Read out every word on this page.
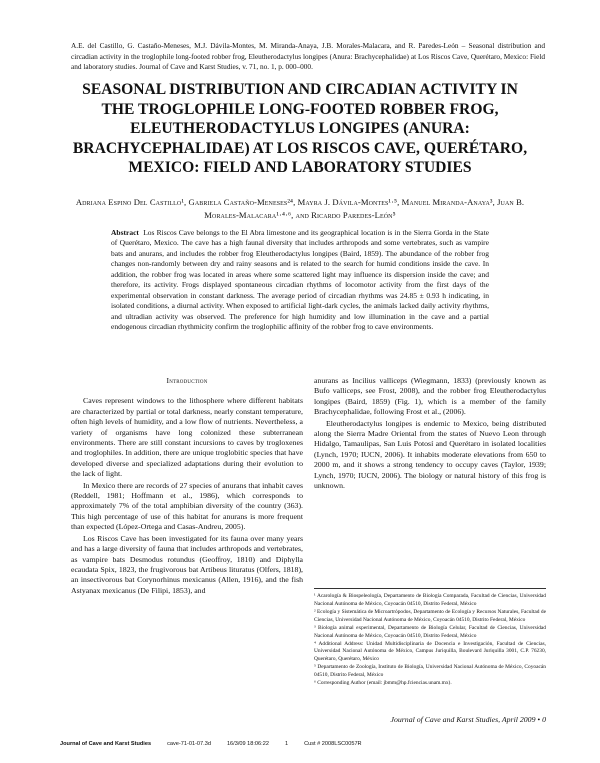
A.E. del Castillo, G. Castaño-Meneses, M.J. Dávila-Montes, M. Miranda-Anaya, J.B. Morales-Malacara, and R. Paredes-León – Seasonal distribution and circadian activity in the troglophile long-footed robber frog, Eleutherodactylus longipes (Anura: Brachycephalidae) at Los Riscos Cave, Querétaro, Mexico: Field and laboratory studies. Journal of Cave and Karst Studies, v. 71, no. 1, p. 000–000.
SEASONAL DISTRIBUTION AND CIRCADIAN ACTIVITY IN THE TROGLOPHILE LONG-FOOTED ROBBER FROG, ELEUTHERODACTYLUS LONGIPES (ANURA: BRACHYCEPHALIDAE) AT LOS RISCOS CAVE, QUERÉTARO, MEXICO: FIELD AND LABORATORY STUDIES
Adriana Espino Del Castillo¹, Gabriela Castaño-Meneses²⁴, Mayra J. Dávila-Montes¹·⁵, Manuel Miranda-Anaya³, Juan B. Morales-Malacara¹·⁴·⁶, and Ricardo Paredes-León⁵
Abstract Los Riscos Cave belongs to the El Abra limestone and its geographical location is in the Sierra Gorda in the State of Querétaro, Mexico. The cave has a high faunal diversity that includes arthropods and some vertebrates, such as vampire bats and anurans, and includes the robber frog Eleutherodactylus longipes (Baird, 1859). The abundance of the robber frog changes non-randomly between dry and rainy seasons and is related to the search for humid conditions inside the cave. In addition, the robber frog was located in areas where some scattered light may influence its dispersion inside the cave; and therefore, its activity. Frogs displayed spontaneous circadian rhythms of locomotor activity from the first days of the experimental observation in constant darkness. The average period of circadian rhythms was 24.85 ± 0.93 h indicating, in isolated conditions, a diurnal activity. When exposed to artificial light-dark cycles, the animals lacked daily activity rhythms, and ultradian activity was observed. The preference for high humidity and low illumination in the cave and a partial endogenous circadian rhythmicity confirm the troglophilic affinity of the robber frog to cave environments.
Introduction

Caves represent windows to the lithosphere where different habitats are characterized by partial or total darkness, nearly constant temperature, often high levels of humidity, and a low flow of nutrients. Nevertheless, a variety of organisms have long colonized these subterranean environments. There are still constant incursions to caves by trogloxenes and troglophiles. In addition, there are unique troglobitic species that have developed diverse and specialized adaptations during their evolution to the lack of light.

In Mexico there are records of 27 species of anurans that inhabit caves (Reddell, 1981; Hoffmann et al., 1986), which corresponds to approximately 7% of the total amphibian diversity of the country (363). This high percentage of use of this habitat for anurans is more frequent than expected (López-Ortega and Casas-Andreu, 2005).

Los Riscos Cave has been investigated for its fauna over many years and has a large diversity of fauna that includes arthropods and vertebrates, as vampire bats Desmodus rotundus (Geoffroy, 1810) and Diphylla ecaudata Spix, 1823, the frugivorous bat Artibeus lituratus (Olfers, 1818), an insectivorous bat Corynorhinus mexicanus (Allen, 1916), and the fish Astyanax mexicanus (De Filipi, 1853), and

anurans as Incilius valliceps (Wiegmann, 1833) (previously known as Bufo valliceps, see Frost, 2008), and the robber frog Eleutherodactylus longipes (Baird, 1859) (Fig. 1), which is a member of the family Brachycephalidae, following Frost et al., (2006).

Eleutherodactylus longipes is endemic to Mexico, being distributed along the Sierra Madre Oriental from the states of Nuevo Leon through Hidalgo, Tamaulipas, San Luis Potosí and Querétaro in isolated localities (Lynch, 1970; IUCN, 2006). It inhabits moderate elevations from 650 to 2000 m, and it shows a strong tendency to occupy caves (Taylor, 1939; Lynch, 1970; IUCN, 2006). The biology or natural history of this frog is unknown.

¹ Acarología & Biospeleología, Departamento de Biología Comparada, Facultad de Ciencias, Universidad Nacional Autónoma de México, Coyoacán 04510, Distrito Federal, México
² Ecología y Sistemática de Microartrópodos, Departamento de Ecología y Recursos Naturales, Facultad de Ciencias, Universidad Nacional Autónoma de México, Coyoacán 04510, Distrito Federal, México
³ Biología animal experimental, Departamento de Biología Celular, Facultad de Ciencias, Universidad Nacional Autónoma de México, Coyoacán 04510, Distrito Federal, México
⁴ Additional Address: Unidad Multidisciplinaria de Docencia e Investigación, Facultad de Ciencias, Universidad Nacional Autónoma de México, Campus Juriquilla, Boulevard Juriquilla 3001, C.P. 76230, Querétaro, Querétaro, México
⁵ Departamento de Zoología, Instituto de Biología, Universidad Nacional Autónoma de México, Coyoacán 04510, Distrito Federal, México
⁶ Corresponding Author (email: jbmm@hp.fciencias.unam.mx).
Journal of Cave and Karst Studies, April 2009 • 0
Journal of Cave and Karst Studies	cave-71-01-07.3d	16/3/09 18:06:22	1	Cust # 2008LSC0057R
